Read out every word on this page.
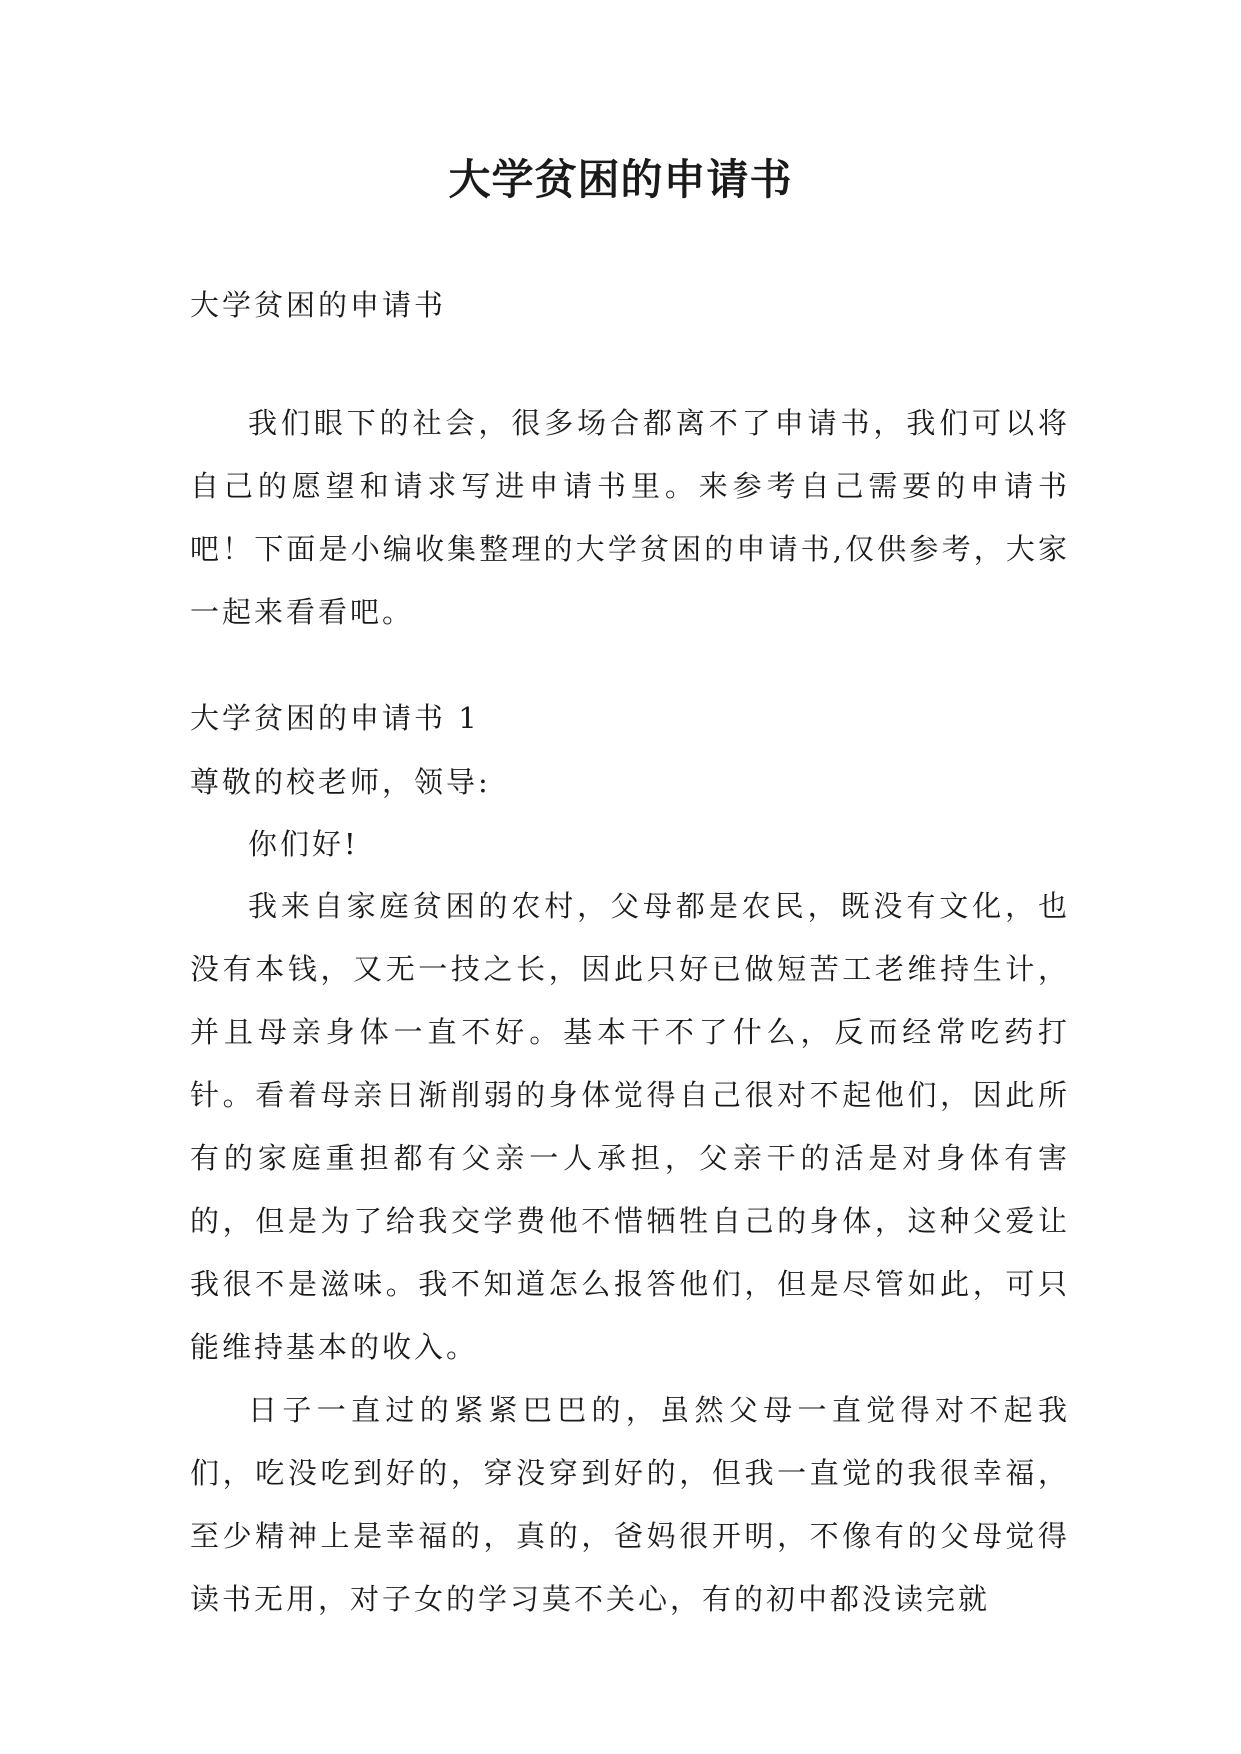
大学贫困的申请书

大学贫困的申请书

我们眼下的社会，很多场合都离不了申请书，我们可以将自己的愿望和请求写进申请书里。来参考自己需要的申请书吧！下面是小编收集整理的大学贫困的申请书,仅供参考，大家一起来看看吧。

大学贫困的申请书 1

尊敬的校老师，领导:

你们好!

我来自家庭贫困的农村，父母都是农民，既没有文化，也没有本钱，又无一技之长，因此只好已做短苦工老维持生计，并且母亲身体一直不好。基本干不了什么，反而经常吃药打针。看着母亲日渐削弱的身体觉得自己很对不起他们，因此所有的家庭重担都有父亲一人承担，父亲干的活是对身体有害的，但是为了给我交学费他不惜牺牲自己的身体，这种父爱让我很不是滋味。我不知道怎么报答他们，但是尽管如此，可只能维持基本的收入。

日子一直过的紧紧巴巴的，虽然父母一直觉得对不起我们，吃没吃到好的，穿没穿到好的，但我一直觉的我很幸福，至少精神上是幸福的，真的，爸妈很开明，不像有的父母觉得读书无用，对子女的学习莫不关心，有的初中都没读完就
